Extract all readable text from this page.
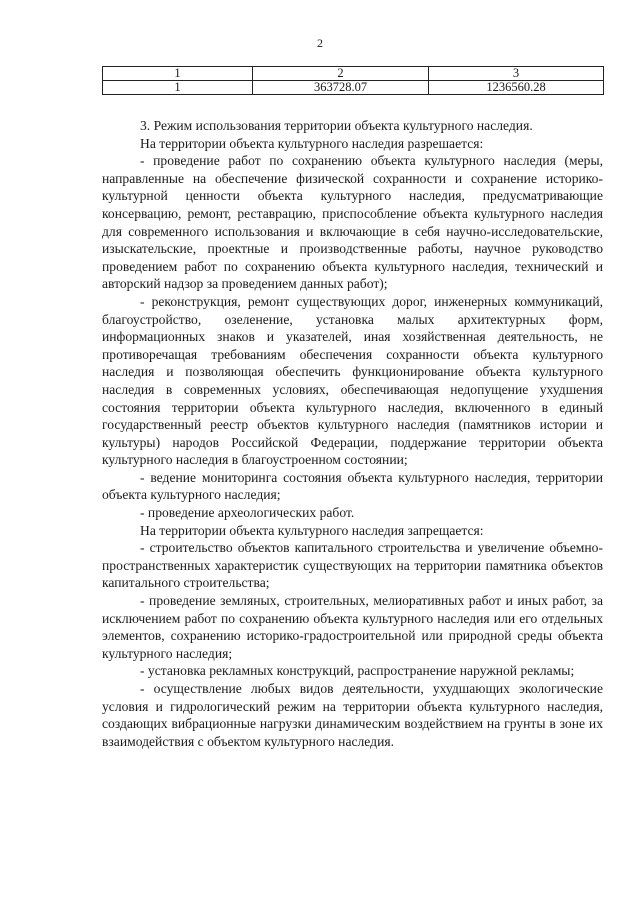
2
1	2	3
1	363728.07	1236560.28

3. Режим использования территории объекта культурного наследия.

На территории объекта культурного наследия разрешается:

- проведение работ по сохранению объекта культурного наследия (меры, направленные на обеспечение физической сохранности и сохранение историко-культурной ценности объекта культурного наследия, предусматривающие консервацию, ремонт, реставрацию, приспособление объекта культурного наследия для современного использования и включающие в себя научно-исследовательские, изыскательские, проектные и производственные работы, научное руководство проведением работ по сохранению объекта культурного наследия, технический и авторский надзор за проведением данных работ);

- реконструкция, ремонт существующих дорог, инженерных коммуникаций, благоустройство, озеленение, установка малых архитектурных форм, информационных знаков и указателей, иная хозяйственная деятельность, не противоречащая требованиям обеспечения сохранности объекта культурного наследия и позволяющая обеспечить функционирование объекта культурного наследия в современных условиях, обеспечивающая недопущение ухудшения состояния территории объекта культурного наследия, включенного в единый государственный реестр объектов культурного наследия (памятников истории и культуры) народов Российской Федерации, поддержание территории объекта культурного наследия в благоустроенном состоянии;

- ведение мониторинга состояния объекта культурного наследия, территории объекта культурного наследия;

- проведение археологических работ.

На территории объекта культурного наследия запрещается:

- строительство объектов капитального строительства и увеличение объемно-пространственных характеристик существующих на территории памятника объектов капитального строительства;

- проведение земляных, строительных, мелиоративных работ и иных работ, за исключением работ по сохранению объекта культурного наследия или его отдельных элементов, сохранению историко-градостроительной или природной среды объекта культурного наследия;

- установка рекламных конструкций, распространение наружной рекламы;

- осуществление любых видов деятельности, ухудшающих экологические условия и гидрологический режим на территории объекта культурного наследия, создающих вибрационные нагрузки динамическим воздействием на грунты в зоне их взаимодействия с объектом культурного наследия.
